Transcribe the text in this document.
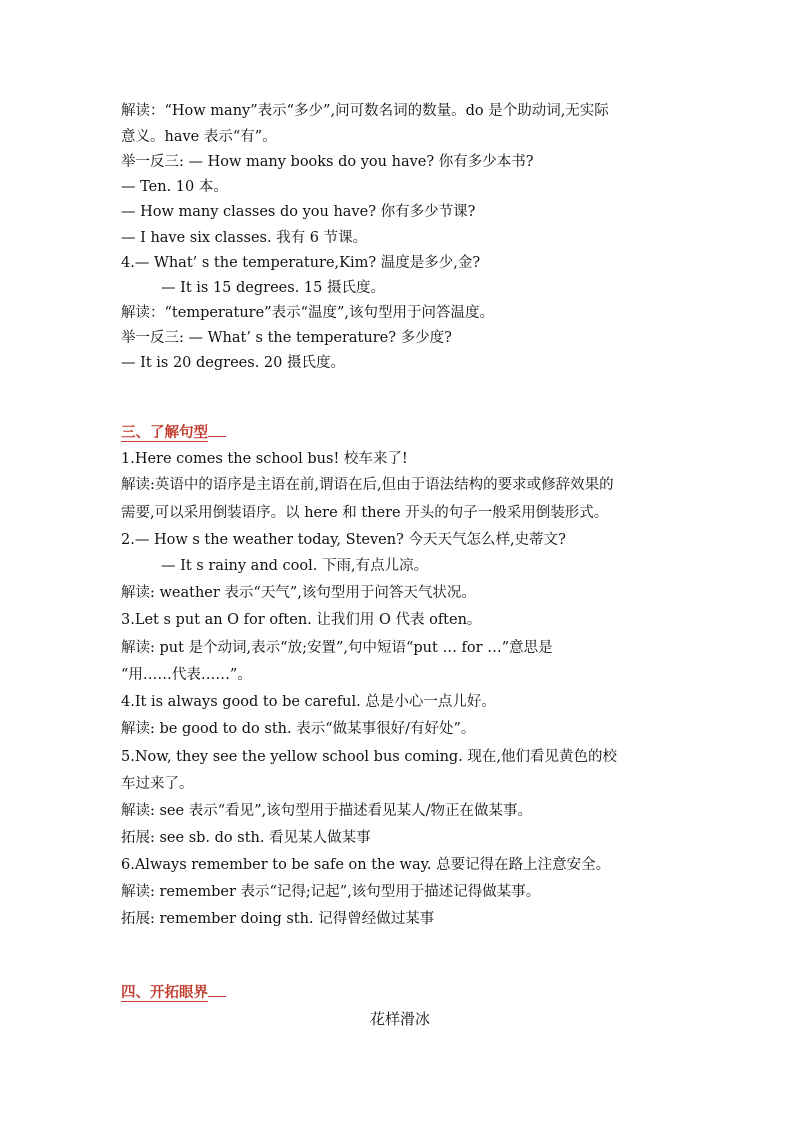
解读：“How many”表示“多少”,问可数名词的数量。do 是个助动词,无实际
意义。have 表示“有”。
举一反三: — How many books do you have? 你有多少本书?
— Ten. 10 本。
— How many classes do you have? 你有多少节课?
— I have six classes. 我有 6 节课。
4.— What’ s the temperature,Kim? 温度是多少,金?
— It is 15 degrees. 15 摄氏度。
解读：“temperature”表示“温度”,该句型用于问答温度。
举一反三: — What’ s the temperature? 多少度?
— It is 20 degrees. 20 摄氏度。
三、了解句型
1.Here comes the school bus! 校车来了!
解读:英语中的语序是主语在前,谓语在后,但由于语法结构的要求或修辞效果的
需要,可以采用倒装语序。以 here 和 there 开头的句子一般采用倒装形式。
2.— How s the weather today, Steven? 今天天气怎么样,史蒂文?
— It s rainy and cool. 下雨,有点儿凉。
解读: weather 表示“天气”,该句型用于问答天气状况。
3.Let s put an O for often. 让我们用 O 代表 often。
解读: put 是个动词,表示“放;安置”,句中短语“put … for …”意思是
“用……代表……”。
4.It is always good to be careful. 总是小心一点儿好。
解读: be good to do sth. 表示“做某事很好/有好处”。
5.Now, they see the yellow school bus coming. 现在,他们看见黄色的校
车过来了。
解读: see 表示“看见”,该句型用于描述看见某人/物正在做某事。
拓展: see sb. do sth. 看见某人做某事
6.Always remember to be safe on the way. 总要记得在路上注意安全。
解读: remember 表示“记得;记起”,该句型用于描述记得做某事。
拓展: remember doing sth. 记得曾经做过某事
四、开拓眼界
花样滑冰
